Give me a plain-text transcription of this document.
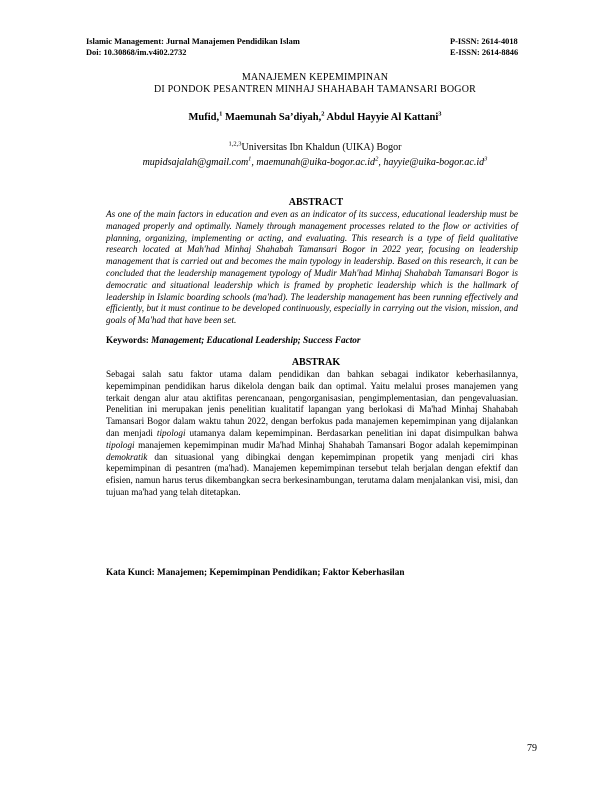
Islamic Management: Jurnal Manajemen Pendidikan Islam	P-ISSN: 2614-4018
Doi: 10.30868/im.v4i02.2732	E-ISSN: 2614-8846
MANAJEMEN KEPEMIMPINAN
DI PONDOK PESANTREN MINHAJ SHAHABAH TAMANSARI BOGOR
Mufid,$^1$ Maemunah Sa’diyah,$^2$ Abdul Hayyie Al Kattani$^3$
$^{1,2,3}$Universitas Ibn Khaldun (UIKA) Bogor
mupidsajalah@gmail.com$^1$, $maemunah@uika-bogor.ac.id^2$, $hayyie@uika-bogor.ac.id^3$
ABSTRACT
As one of the main factors in education and even as an indicator of its success, educational leadership must be managed properly and optimally. Namely through management processes related to the flow or activities of planning, organizing, implementing or acting, and evaluating. This research is a type of field qualitative research located at Mah'had Minhaj Shahabah Tamansari Bogor in 2022 year, focusing on leadership management that is carried out and becomes the main typology in leadership. Based on this research, it can be concluded that the leadership management typology of Mudir Mah'had Minhaj Shahabah Tamansari Bogor is democratic and situational leadership which is framed by prophetic leadership which is the hallmark of leadership in Islamic boarding schools (ma'had). The leadership management has been running effectively and efficiently, but it must continue to be developed continuously, especially in carrying out the vision, mission, and goals of Ma'had that have been set.
Keywords: Management; Educational Leadership; Success Factor
ABSTRAK
Sebagai salah satu faktor utama dalam pendidikan dan bahkan sebagai indikator keberhasilannya, kepemimpinan pendidikan harus dikelola dengan baik dan optimal. Yaitu melalui proses manajemen yang terkait dengan alur atau aktifitas perencanaan, pengorganisasian, pengimplementasian, dan pengevaluasian. Penelitian ini merupakan jenis penelitian kualitatif lapangan yang berlokasi di Ma'had Minhaj Shahabah Tamansari Bogor dalam waktu tahun 2022, dengan berfokus pada manajemen kepemimpinan yang dijalankan dan menjadi tipologi utamanya dalam kepemimpinan. Berdasarkan penelitian ini dapat disimpulkan bahwa tipologi manajemen kepemimpinan mudir Ma'had Minhaj Shahabah Tamansari Bogor adalah kepemimpinan demokratik dan situasional yang dibingkai dengan kepemimpinan propetik yang menjadi ciri khas kepemimpinan di pesantren (ma'had). Manajemen kepemimpinan tersebut telah berjalan dengan efektif dan efisien, namun harus terus dikembangkan secra berkesinambungan, terutama dalam menjalankan visi, misi, dan tujuan ma'had yang telah ditetapkan.
Kata Kunci: Manajemen; Kepemimpinan Pendidikan; Faktor Keberhasilan
79
